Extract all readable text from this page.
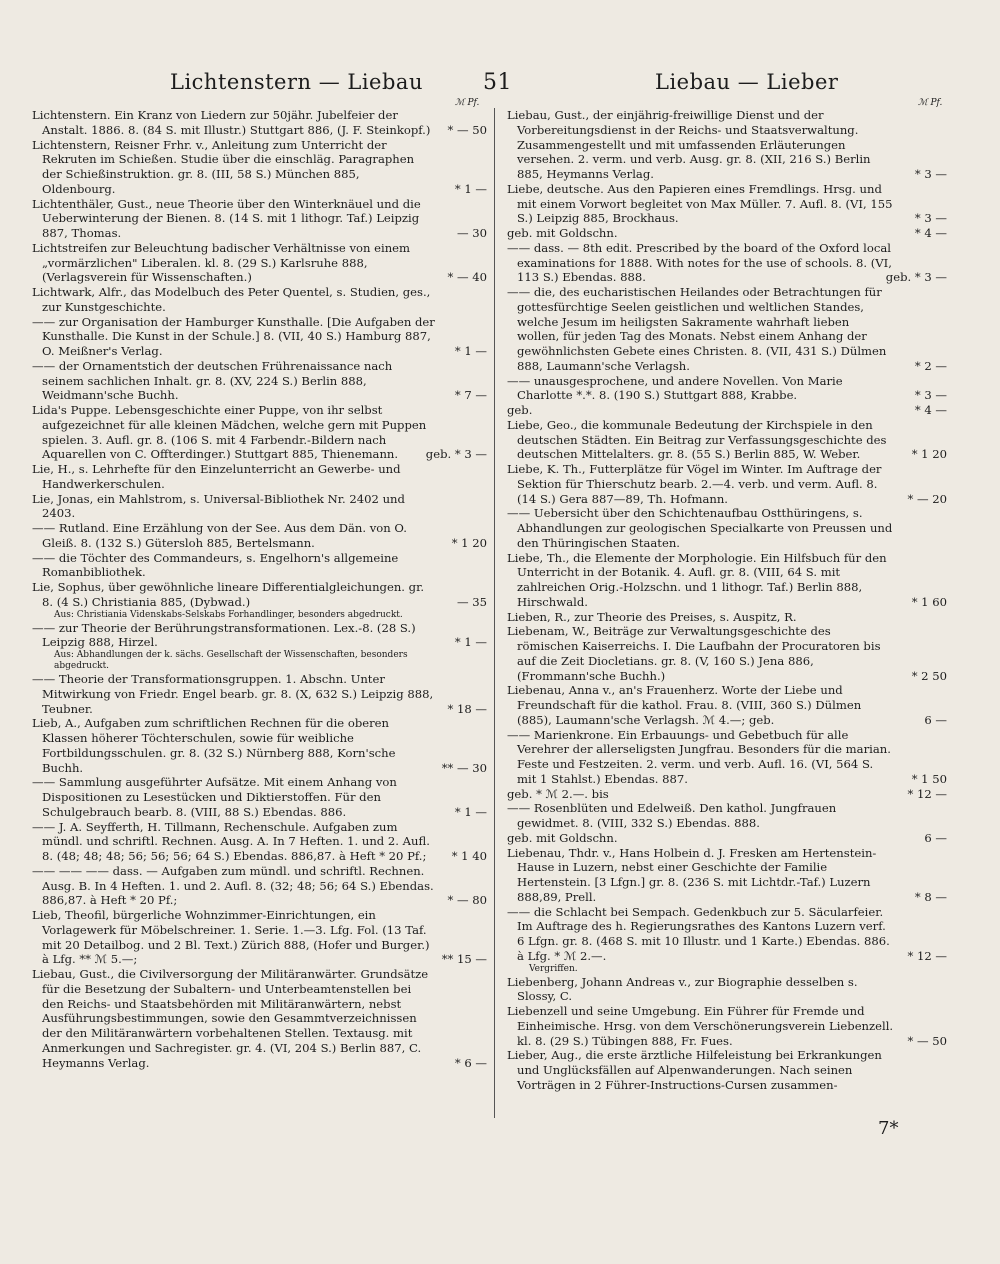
Lichtenstern — Liebau	51	Liebau — Lieber
ℳ Pf.	ℳ Pf.
Lichtenstern. Ein Kranz von Liedern zur 50jähr. Jubelfeier der Anstalt. 1886. 8. (84 S. mit Illustr.) Stuttgart 886, (J. F. Steinkopf.) * — 50
Lichtenstern, Reisner Frhr. v., Anleitung zum Unterricht der Rekruten im Schießen. Studie über die einschläg. Paragraphen der Schießinstruktion. gr. 8. (III, 58 S.) München 885, Oldenbourg.	* 1 —
Lichtenthäler, Gust., neue Theorie über den Winterknäuel und die Ueberwinterung der Bienen. 8. (14 S. mit 1 lithogr. Taf.) Leipzig 887, Thomas.	— 30
Lichtstreifen zur Beleuchtung badischer Verhältnisse von einem „vormärzlichen" Liberalen. kl. 8. (29 S.) Karlsruhe 888, (Verlagsverein für Wissenschaften.)	* — 40
Lichtwark, Alfr., das Modelbuch des Peter Quentel, s. Studien, ges., zur Kunstgeschichte.
—— zur Organisation der Hamburger Kunsthalle. [Die Aufgaben der Kunsthalle. Die Kunst in der Schule.] 8. (VII, 40 S.) Hamburg 887, O. Meißner's Verlag.	* 1 —
—— der Ornamentstich der deutschen Frührenaissance nach seinem sachlichen Inhalt. gr. 8. (XV, 224 S.) Berlin 888, Weidmann'sche Buchh.	* 7 —
Lida's Puppe. Lebensgeschichte einer Puppe, von ihr selbst aufgezeichnet für alle kleinen Mädchen, welche gern mit Puppen spielen. 3. Aufl. gr. 8. (106 S. mit 4 Farbendr.-Bildern nach Aquarellen von C. Offterdinger.) Stuttgart 885, Thienemann. geb. * 3 —
Lie, H., s. Lehrhefte für den Einzelunterricht an Gewerbe- und Handwerkerschulen.
Lie, Jonas, ein Mahlstrom, s. Universal-Bibliothek Nr. 2402 und 2403.
—— Rutland. Eine Erzählung von der See. Aus dem Dän. von O. Gleiß. 8. (132 S.) Gütersloh 885, Bertelsmann.	* 1 20
—— die Töchter des Commandeurs, s. Engelhorn's allgemeine Romanbibliothek.
Lie, Sophus, über gewöhnliche lineare Differentialgleichungen. gr. 8. (4 S.) Christiania 885, (Dybwad.)	— 35
Aus: Christiania Videnskabs-Selskabs Forhandlinger, besonders abgedruckt.
—— zur Theorie der Berührungstransformationen. Lex.-8. (28 S.) Leipzig 888, Hirzel.	* 1 —
Aus: Abhandlungen der k. sächs. Gesellschaft der Wissenschaften, besonders abgedruckt.
—— Theorie der Transformationsgruppen. 1. Abschn. Unter Mitwirkung von Friedr. Engel bearb. gr. 8. (X, 632 S.) Leipzig 888, Teubner.	* 18 —
Lieb, A., Aufgaben zum schriftlichen Rechnen für die oberen Klassen höherer Töchterschulen, sowie für weibliche Fortbildungsschulen. gr. 8. (32 S.) Nürnberg 888, Korn'sche Buchh.	** — 30
—— Sammlung ausgeführter Aufsätze. Mit einem Anhang von Dispositionen zu Lesestücken und Diktierstoffen. Für den Schulgebrauch bearb. 8. (VIII, 88 S.) Ebendas. 886.	* 1 —
—— J. A. Seyfferth, H. Tillmann, Rechenschule. Aufgaben zum mündl. und schriftl. Rechnen. Ausg. A. In 7 Heften. 1. und 2. Aufl. 8. (48; 48; 48; 56; 56; 56; 64 S.) Ebendas. 886,87. à Heft * 20 Pf.; * 1 40
—— —— —— dass. — Aufgaben zum mündl. und schriftl. Rechnen. Ausg. B. In 4 Heften. 1. und 2. Aufl. 8. (32; 48; 56; 64 S.) Ebendas. 886,87. à Heft * 20 Pf.;	* — 80
Lieb, Theofil, bürgerliche Wohnzimmer-Einrichtungen, ein Vorlagewerk für Möbelschreiner. 1. Serie. 1.—3. Lfg. Fol. (13 Taf. mit 20 Detailbog. und 2 Bl. Text.) Zürich 888, (Hofer und Burger.) à Lfg. ** ℳ 5.—;	** 15 —
Liebau, Gust., die Civilversorgung der Militäranwärter. Grundsätze für die Besetzung der Subaltern- und Unterbeamtenstellen bei den Reichs- und Staatsbehörden mit Militäranwärtern, nebst Ausführungsbestimmungen, sowie den Gesammtverzeichnissen der den Militäranwärtern vorbehaltenen Stellen. Textausg. mit Anmerkungen und Sachregister. gr. 4. (VI, 204 S.) Berlin 887, C. Heymanns Verlag.	* 6 —
Liebau, Gust., der einjährig-freiwillige Dienst und der Vorbereitungsdienst in der Reichs- und Staatsverwaltung. Zusammengestellt und mit umfassenden Erläuterungen versehen. 2. verm. und verb. Ausg. gr. 8. (XII, 216 S.) Berlin 885, Heymanns Verlag.	* 3 —
Liebe, deutsche. Aus den Papieren eines Fremdlings. Hrsg. und mit einem Vorwort begleitet von Max Müller. 7. Aufl. 8. (VI, 155 S.) Leipzig 885, Brockhaus.	* 3 —
geb. mit Goldschn.	* 4 —
—— dass. — 8th edit. Prescribed by the board of the Oxford local examinations for 1888. With notes for the use of schools. 8. (VI, 113 S.) Ebendas. 888.	geb. * 3 —
—— die, des eucharistischen Heilandes oder Betrachtungen für gottesfürchtige Seelen geistlichen und weltlichen Standes, welche Jesum im heiligsten Sakramente wahrhaft lieben wollen, für jeden Tag des Monats. Nebst einem Anhang der gewöhnlichsten Gebete eines Christen. 8. (VII, 431 S.) Dülmen 888, Laumann'sche Verlagsh.	* 2 —
—— unausgesprochene, und andere Novellen. Von Marie Charlotte *.*. 8. (190 S.) Stuttgart 888, Krabbe.	* 3 —
geb.	* 4 —
Liebe, Geo., die kommunale Bedeutung der Kirchspiele in den deutschen Städten. Ein Beitrag zur Verfassungsgeschichte des deutschen Mittelalters. gr. 8. (55 S.) Berlin 885, W. Weber.	* 1 20
Liebe, K. Th., Futterplätze für Vögel im Winter. Im Auftrage der Sektion für Thierschutz bearb. 2.—4. verb. und verm. Aufl. 8. (14 S.) Gera 887—89, Th. Hofmann.	* — 20
—— Uebersicht über den Schichtenaufbau Ostthüringens, s. Abhandlungen zur geologischen Specialkarte von Preussen und den Thüringischen Staaten.
Liebe, Th., die Elemente der Morphologie. Ein Hilfsbuch für den Unterricht in der Botanik. 4. Aufl. gr. 8. (VIII, 64 S. mit zahlreichen Orig.-Holzschn. und 1 lithogr. Taf.) Berlin 888, Hirschwald.	* 1 60
Lieben, R., zur Theorie des Preises, s. Auspitz, R.
Liebenam, W., Beiträge zur Verwaltungsgeschichte des römischen Kaiserreichs. I. Die Laufbahn der Procuratoren bis auf die Zeit Diocletians. gr. 8. (V, 160 S.) Jena 886, (Frommann'sche Buchh.)	* 2 50
Liebenau, Anna v., an's Frauenherz. Worte der Liebe und Freundschaft für die kathol. Frau. 8. (VIII, 360 S.) Dülmen (885), Laumann'sche Verlagsh. ℳ 4.—; geb.	6 —
—— Marienkrone. Ein Erbauungs- und Gebetbuch für alle Verehrer der allerseligsten Jungfrau. Besonders für die marian. Feste und Festzeiten. 2. verm. und verb. Aufl. 16. (VI, 564 S. mit 1 Stahlst.) Ebendas. 887.	* 1 50
geb. * ℳ 2.—. bis	* 12 —
—— Rosenblüten und Edelweiß. Den kathol. Jungfrauen gewidmet. 8. (VIII, 332 S.) Ebendas. 888.
geb. mit Goldschn.	6 —
Liebenau, Thdr. v., Hans Holbein d. J. Fresken am Hertenstein-Hause in Luzern, nebst einer Geschichte der Familie Hertenstein. [3 Lfgn.] gr. 8. (236 S. mit Lichtdr.-Taf.) Luzern 888,89, Prell.	* 8 —
—— die Schlacht bei Sempach. Gedenkbuch zur 5. Säcularfeier. Im Auftrage des h. Regierungsrathes des Kantons Luzern verf. 6 Lfgn. gr. 8. (468 S. mit 10 Illustr. und 1 Karte.) Ebendas. 886. à Lfg. * ℳ 2.—.	* 12 —
Vergriffen.
Liebenberg, Johann Andreas v., zur Biographie desselben s. Slossy, C.
Liebenzell und seine Umgebung. Ein Führer für Fremde und Einheimische. Hrsg. von dem Verschönerungsverein Liebenzell. kl. 8. (29 S.) Tübingen 888, Fr. Fues.	* — 50
Lieber, Aug., die erste ärztliche Hilfeleistung bei Erkrankungen und Unglücksfällen auf Alpenwanderungen. Nach seinen Vorträgen in 2 Führer-Instructions-Cursen zusammen-
7*
